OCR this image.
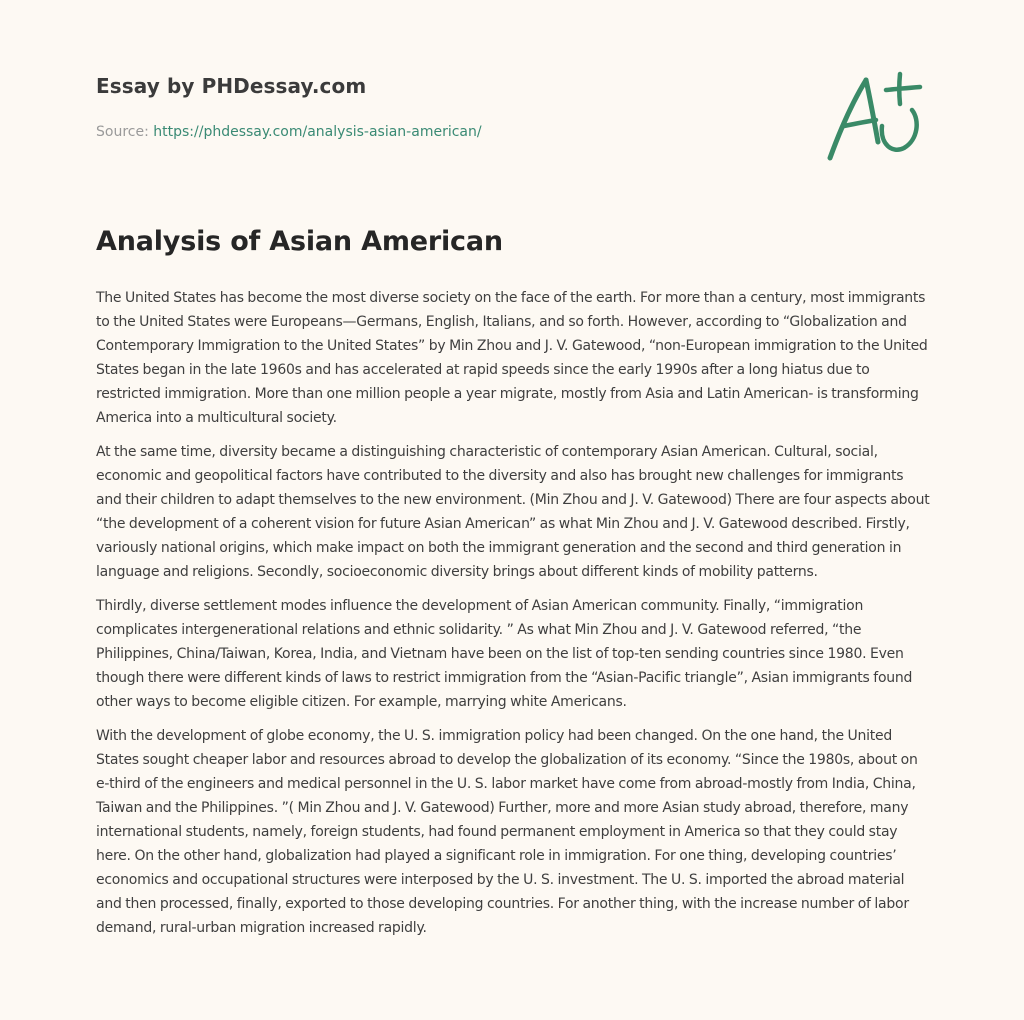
Essay by PHDessay.com
Source: https://phdessay.com/analysis-asian-american/
Analysis of Asian American

The United States has become the most diverse society on the face of the earth. For more than a century, most immigrants to the United States were Europeans—Germans, English, Italians, and so forth. However, according to “Globalization and Contemporary Immigration to the United States” by Min Zhou and J. V. Gatewood, “non-European immigration to the United States began in the late 1960s and has accelerated at rapid speeds since the early 1990s after a long hiatus due to restricted immigration. More than one million people a year migrate, mostly from Asia and Latin American- is transforming America into a multicultural society.

At the same time, diversity became a distinguishing characteristic of contemporary Asian American. Cultural, social, economic and geopolitical factors have contributed to the diversity and also has brought new challenges for immigrants and their children to adapt themselves to the new environment. (Min Zhou and J. V. Gatewood) There are four aspects about “the development of a coherent vision for future Asian American” as what Min Zhou and J. V. Gatewood described. Firstly, variously national origins, which make impact on both the immigrant generation and the second and third generation in language and religions. Secondly, socioeconomic diversity brings about different kinds of mobility patterns.

Thirdly, diverse settlement modes influence the development of Asian American community. Finally, “immigration complicates intergenerational relations and ethnic solidarity. ” As what Min Zhou and J. V. Gatewood referred, “the Philippines, China/Taiwan, Korea, India, and Vietnam have been on the list of top-ten sending countries since 1980. Even though there were different kinds of laws to restrict immigration from the “Asian-Pacific triangle”, Asian immigrants found other ways to become eligible citizen. For example, marrying white Americans.

With the development of globe economy, the U. S. immigration policy had been changed. On the one hand, the United States sought cheaper labor and resources abroad to develop the globalization of its economy. “Since the 1980s, about on e-third of the engineers and medical personnel in the U. S. labor market have come from abroad-mostly from India, China, Taiwan and the Philippines. ”( Min Zhou and J. V. Gatewood) Further, more and more Asian study abroad, therefore, many international students, namely, foreign students, had found permanent employment in America so that they could stay here. On the other hand, globalization had played a significant role in immigration. For one thing, developing countries’ economics and occupational structures were interposed by the U. S. investment. The U. S. imported the abroad material and then processed, finally, exported to those developing countries. For another thing, with the increase number of labor demand, rural-urban migration increased rapidly.
